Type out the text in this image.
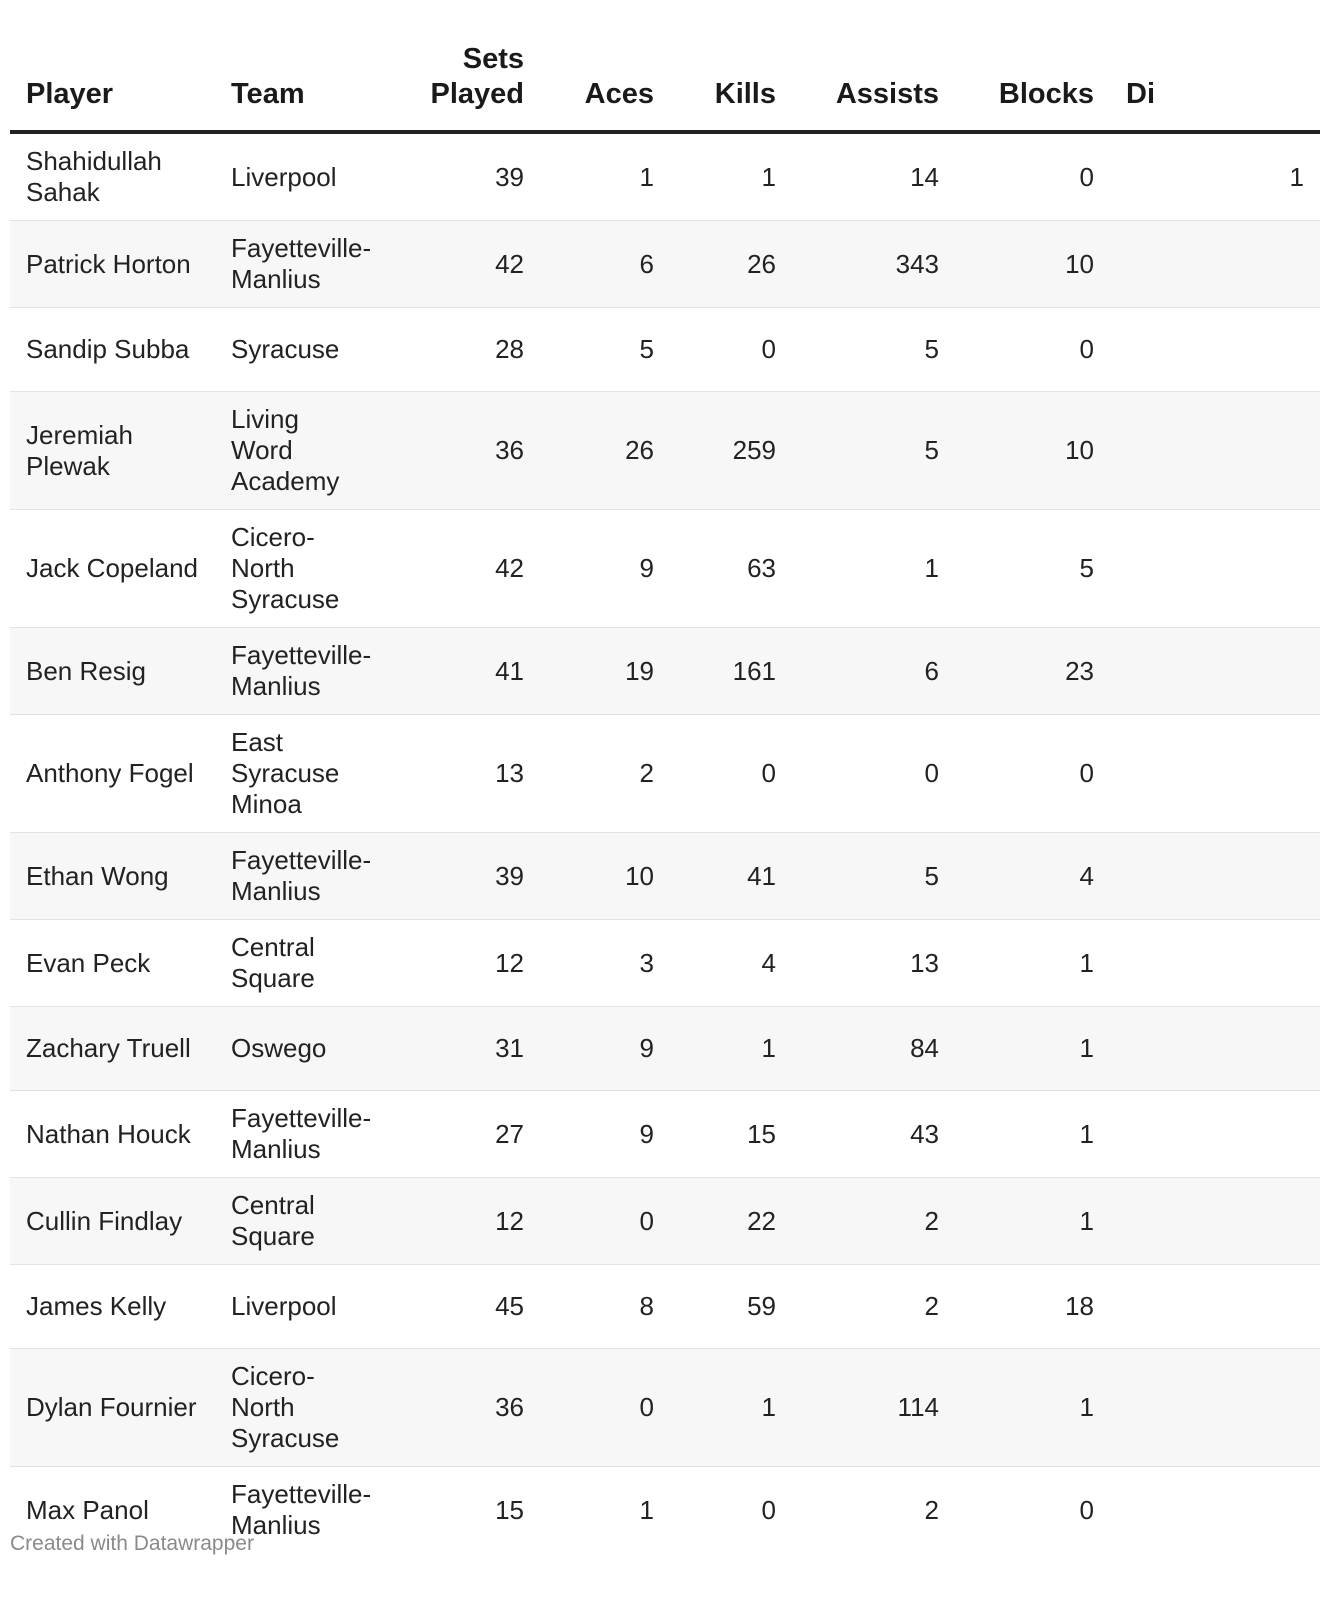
Player	Team	Sets Played	Aces	Kills	Assists	Blocks	Di
Shahidullah Sahak	Liverpool	39	1	1	14	0	1
Patrick Horton	Fayetteville-Manlius	42	6	26	343	10	
Sandip Subba	Syracuse	28	5	0	5	0	
Jeremiah Plewak	Living Word Academy	36	26	259	5	10	
Jack Copeland	Cicero-North Syracuse	42	9	63	1	5	
Ben Resig	Fayetteville-Manlius	41	19	161	6	23	
Anthony Fogel	East Syracuse Minoa	13	2	0	0	0	
Ethan Wong	Fayetteville-Manlius	39	10	41	5	4	
Evan Peck	Central Square	12	3	4	13	1	
Zachary Truell	Oswego	31	9	1	84	1	
Nathan Houck	Fayetteville-Manlius	27	9	15	43	1	
Cullin Findlay	Central Square	12	0	22	2	1	
James Kelly	Liverpool	45	8	59	2	18	
Dylan Fournier	Cicero-North Syracuse	36	0	1	114	1	
Max Panol	Fayetteville-Manlius	15	1	0	2	0	
Created with Datawrapper
